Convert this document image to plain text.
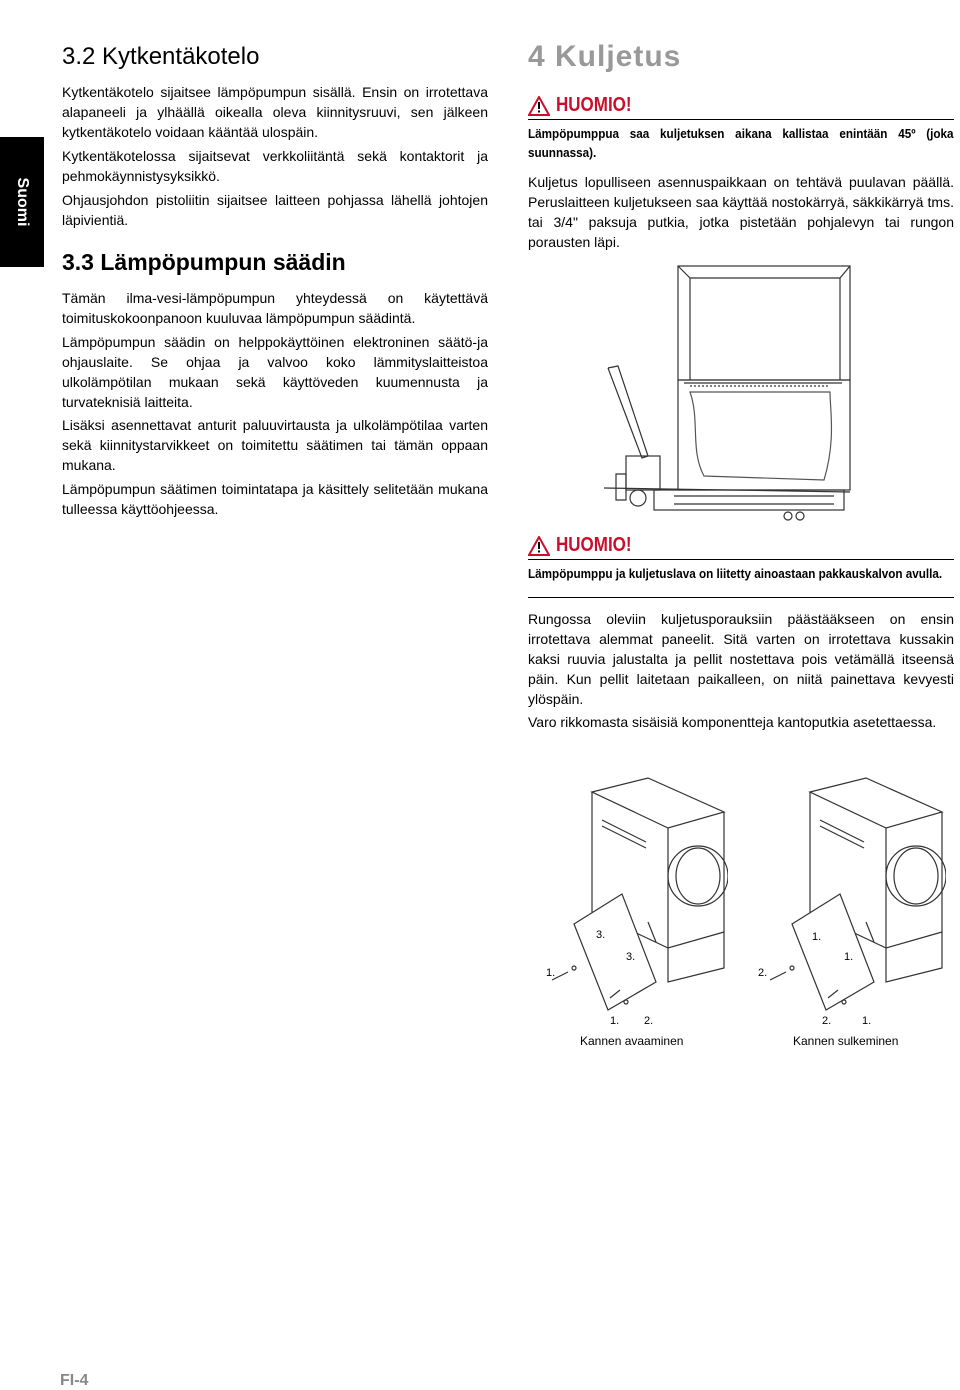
Suomi
3.2 Kytkentäkotelo

Kytkentäkotelo sijaitsee lämpöpumpun sisällä. Ensin on irrotettava alapaneeli ja ylhäällä oikealla oleva kiinnitysruuvi, sen jälkeen kytkentäkotelo voidaan kääntää ulospäin.

Kytkentäkotelossa sijaitsevat verkkoliitäntä sekä kontaktorit ja pehmokäynnistysyksikkö.

Ohjausjohdon pistoliitin sijaitsee laitteen pohjassa lähellä johtojen läpivientiä.

3.3 Lämpöpumpun säädin

Tämän ilma-vesi-lämpöpumpun yhteydessä on käytettävä toimituskokoonpanoon kuuluvaa lämpöpumpun säädintä.

Lämpöpumpun säädin on helppokäyttöinen elektroninen säätö-ja ohjauslaite. Se ohjaa ja valvoo koko lämmityslaitteistoa ulkolämpötilan mukaan sekä käyttöveden kuumennusta ja turvateknisiä laitteita.

Lisäksi asennettavat anturit paluuvirtausta ja ulkolämpötilaa varten sekä kiinnitystarvikkeet on toimitettu säätimen tai tämän oppaan mukana.

Lämpöpumpun säätimen toimintatapa ja käsittely selitetään mukana tulleessa käyttöohjeessa.

4 Kuljetus
HUOMIO!
Lämpöpumppua saa kuljetuksen aikana kallistaa enintään 45º (joka suunnassa).

Kuljetus lopulliseen asennuspaikkaan on tehtävä puulavan päällä. Peruslaitteen kuljetukseen saa käyttää nostokärryä, säkkikärryä tms. tai 3/4" paksuja putkia, jotka pistetään pohjalevyn tai rungon porausten läpi.

HUOMIO!
Lämpöpumppu ja kuljetuslava on liitetty ainoastaan pakkauskalvon avulla.

Rungossa oleviin kuljetusporauksiin päästääkseen on ensin irrotettava alemmat paneelit. Sitä varten on irrotettava kussakin kaksi ruuvia jalustalta ja pellit nostettava pois vetämällä itseensä päin. Kun pellit laitetaan paikalleen, on niitä painettava kevyesti ylöspäin.

Varo rikkomasta sisäisiä komponentteja kantoputkia asetettaessa.

3.
3.
1.
1. 2.
1.
1.
2.
2.	1.
Kannen avaaminen	Kannen sulkeminen
FI-4
